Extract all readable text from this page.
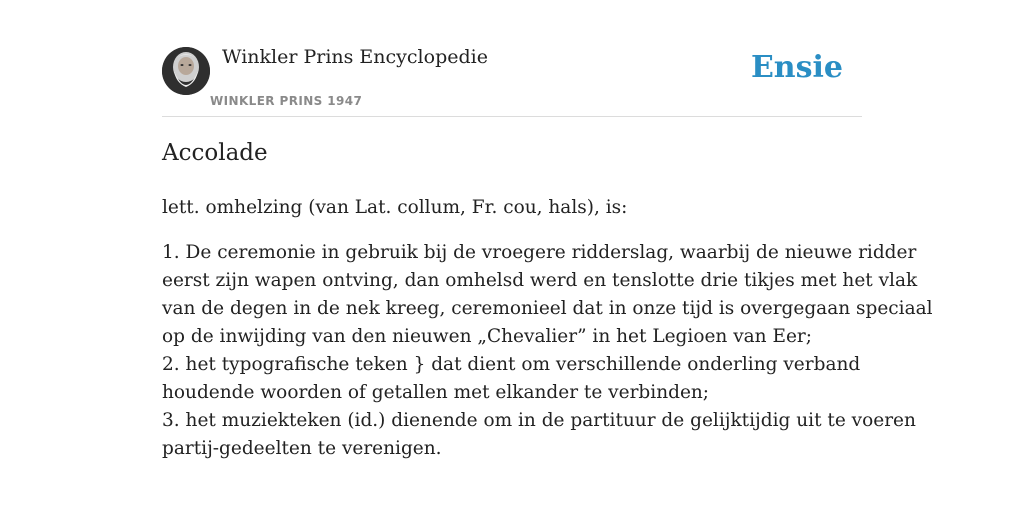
Winkler Prins Encyclopedie
WINKLER PRINS 1947
Ensie
Accolade

lett. omhelzing (van Lat. collum, Fr. cou, hals), is:

1. De ceremonie in gebruik bij de vroegere ridderslag, waarbij de nieuwe ridder
eerst zijn wapen ontving, dan omhelsd werd en tenslotte drie tikjes met het vlak
van de degen in de nek kreeg, ceremonieel dat in onze tijd is overgegaan speciaal
op de inwijding van den nieuwen „Chevalier” in het Legioen van Eer;
2. het typografische teken } dat dient om verschillende onderling verband
houdende woorden of getallen met elkander te verbinden;
3. het muziekteken (id.) dienende om in de partituur de gelijktijdig uit te voeren
partij-gedeelten te verenigen.
